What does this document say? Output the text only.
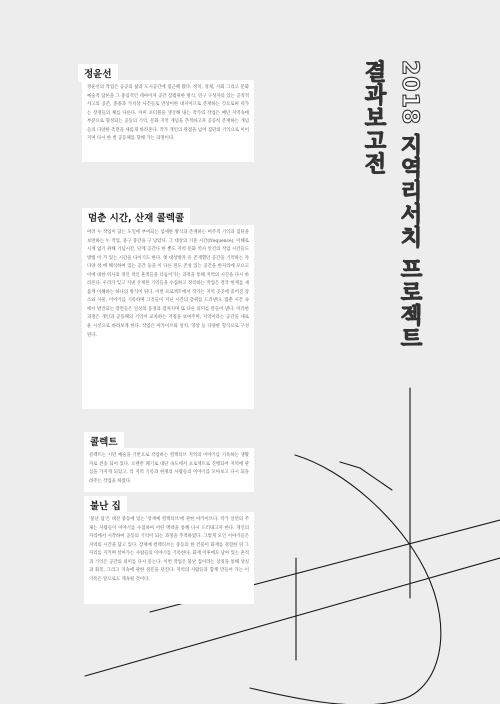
2018 지역리서치 프로젝트
결과보고전
정윤선
정윤선의 작업은 공공의 삶과 도시공간에 접근해 왔다. 정치, 경제, 사회 그리고 문화 예술적 담론을 그 중심적인 테마이자 공간 장법위한 방식, 연구 구성자의 있는 공적적 사고의 공존, 종종과 가치상 사건들로 연상이한 대지이므로 존재하는 것으로써 떠가는 장경들의 체를 다룬다. 이미 포터블을 생산해 내는 작가의 작업은 매년 지역속에 부분으로 형성되는 공동의 기억, 문화 지역 개념을 추적하고자 공공히 존재하는 개념들의 다양한 측면을 새롭게 바라본다. 작가 개인의 관점을 넘어 집단의 기억으로 이어지며 다시 한 번 공동체를 향해 가는 과정이다.
멈춘 시간, 산재 콜렉콜
여러 누 작업이 담는 도일에 부여되는 섬세한 방식과 존재하는 여주적 기억과 집단을 보면하는 누 작업, 중구 중간을 구 남았다. 그 대상의 기준 시간(frequence), 이해로 시계 없기 위해 기념시간, 단계 공간나 한 뿐도 지역 문화 역사 안건의 작업 시간들도 방법 이 가 있는 시간을 다이기도 한다. 옛 대상방자 유 존재했던 공간을 기억하는 자 다양 성 에 해석하여 있는 공간 등을 이 다른 전도 존성 있는 공간을 한자리에 모으고 이에 대한 역사의 개인 적인 흔적들을 더듬어가는 과정을 통해 지역의 시간을 다시 바라본다. 우리가 잊고 지낸 산재된 기억들을 수집하고 정리하는 작업은 결국 현재를 새롭게 이해하는 하나의 방식이 된다. 이번 프로젝트에서 작가는 지역 곳곳에 흩어진 장소와 사물, 이야기를 기록하며 그것들이 지닌 시간의 층위를 드러낸다. 멈춘 시간 속에서 발견되는 장면들은 일상의 풍경과 겹쳐지며 또 다른 의미를 만들어 낸다. 이러한 과정은 개인과 공동체의 기억이 교차하는 지점을 보여주며, 지역이라는 공간을 새로운 시선으로 바라보게 한다. 작업은 아카이브와 설치, 영상 등 다양한 형식으로 구성된다.
콜렉트
콜렉트는 시민 예술을 기반으로 작업하는 컬렉티브 지역의 이야기를 기록하는 생활자로 전승 되어 있다. 오랜만 폐기로 대단 속도에서 프로젝트로 진행되어 지역에 관심을 가지게 되었고, 리 지역 기록과 현재의 사람들의 이야기를 모아보고 다시 되돌려주는 작업을 하였다.
불난 집
'불난 집'은 대전 중동에 있는 '장재예 컬렉티브'에 관한 아카이브다. 작가 일련의 주제는 사람들이 이야기를 수집하여 어떤 맥락을 통해 다시 드러내고자 한다. 개인의 자리에서 시작하여 공동의 기억이 되는 과정을 추적하였다. 그렇게 모인 이야기들은 지역의 시간을 담고 있다. 장재예 컬렉티브는 중동의 한 건물이 화재를 경험한 뒤 그 자리를 지키며 살아가는 사람들의 이야기를 기록한다. 화재 이후에도 남아 있는 흔적과 기억은 공간의 의미를 다시 묻는다. 이번 작업은 불난 집이라는 상징을 통해 상실과 회복, 그리고 지속에 관한 질문을 던진다. 지역의 사람들과 함께 만들어 가는 이 기록은 앞으로도 계속될 것이다.
